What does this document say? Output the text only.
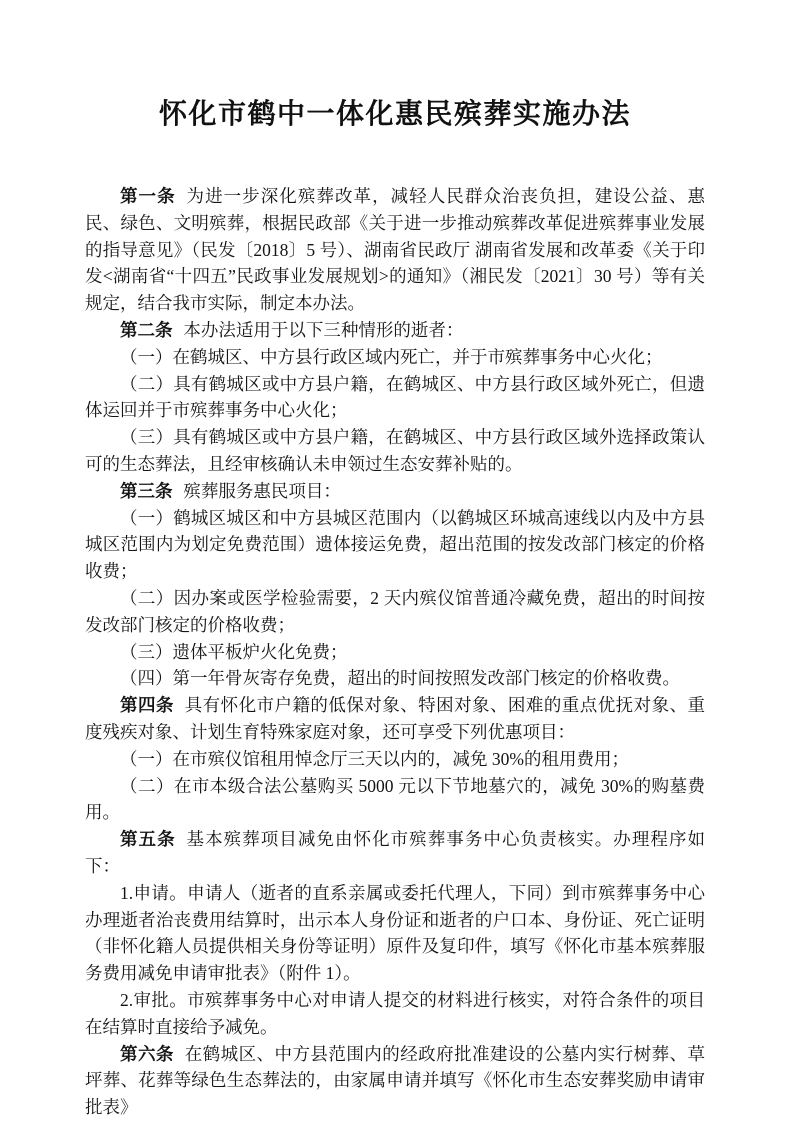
怀化市鹤中一体化惠民殡葬实施办法

第一条 为进一步深化殡葬改革，减轻人民群众治丧负担，建设公益、惠民、绿色、文明殡葬，根据民政部《关于进一步推动殡葬改革促进殡葬事业发展的指导意见》（民发〔2018〕5 号）、湖南省民政厅 湖南省发展和改革委《关于印发<湖南省“十四五”民政事业发展规划>的通知》（湘民发〔2021〕30 号）等有关规定，结合我市实际，制定本办法。

第二条 本办法适用于以下三种情形的逝者：

（一）在鹤城区、中方县行政区域内死亡，并于市殡葬事务中心火化；

（二）具有鹤城区或中方县户籍，在鹤城区、中方县行政区域外死亡，但遗体运回并于市殡葬事务中心火化；

（三）具有鹤城区或中方县户籍，在鹤城区、中方县行政区域外选择政策认可的生态葬法，且经审核确认未申领过生态安葬补贴的。

第三条 殡葬服务惠民项目：

（一）鹤城区城区和中方县城区范围内（以鹤城区环城高速线以内及中方县城区范围内为划定免费范围）遗体接运免费，超出范围的按发改部门核定的价格收费；

（二）因办案或医学检验需要，2 天内殡仪馆普通冷藏免费，超出的时间按发改部门核定的价格收费；

（三）遗体平板炉火化免费；

（四）第一年骨灰寄存免费，超出的时间按照发改部门核定的价格收费。

第四条 具有怀化市户籍的低保对象、特困对象、困难的重点优抚对象、重度残疾对象、计划生育特殊家庭对象，还可享受下列优惠项目：

（一）在市殡仪馆租用悼念厅三天以内的，减免 30%的租用费用；

（二）在市本级合法公墓购买 5000 元以下节地墓穴的，减免 30%的购墓费用。

第五条 基本殡葬项目减免由怀化市殡葬事务中心负责核实。办理程序如下：

1.申请。申请人（逝者的直系亲属或委托代理人，下同）到市殡葬事务中心办理逝者治丧费用结算时，出示本人身份证和逝者的户口本、身份证、死亡证明（非怀化籍人员提供相关身份等证明）原件及复印件，填写《怀化市基本殡葬服务费用减免申请审批表》（附件 1）。

2.审批。市殡葬事务中心对申请人提交的材料进行核实，对符合条件的项目在结算时直接给予减免。

第六条 在鹤城区、中方县范围内的经政府批准建设的公墓内实行树葬、草坪葬、花葬等绿色生态葬法的，由家属申请并填写《怀化市生态安葬奖励申请审批表》
